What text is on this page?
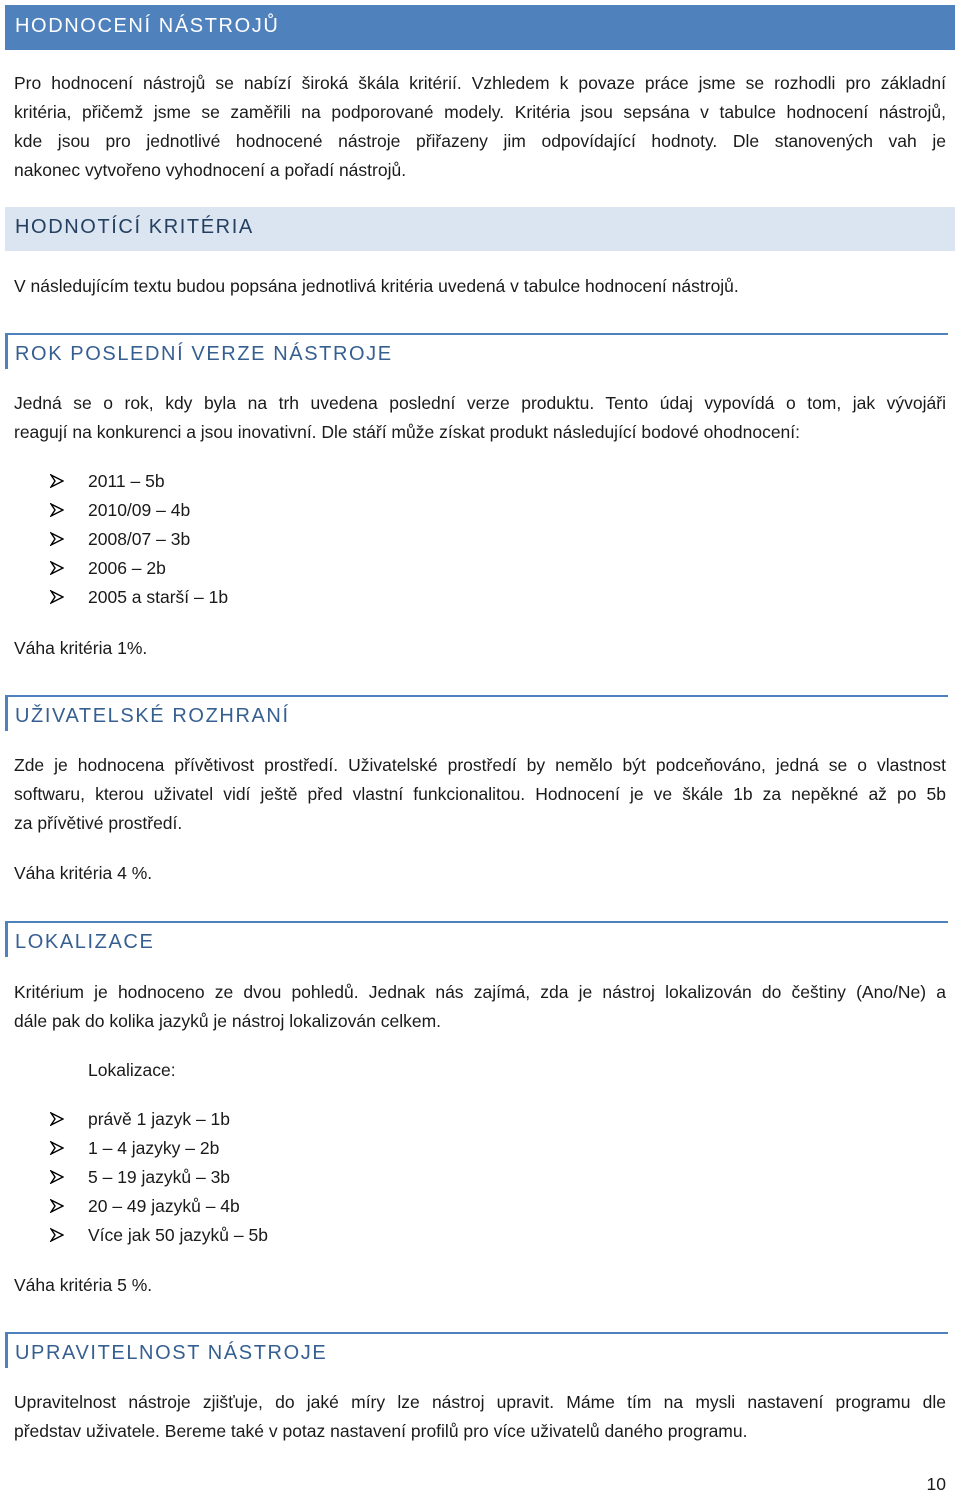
HODNOCENÍ NÁSTROJŮ
Pro hodnocení nástrojů se nabízí široká škála kritérií. Vzhledem k povaze práce jsme se rozhodli pro základní
kritéria, přičemž jsme se zaměřili na podporované modely. Kritéria jsou sepsána v tabulce hodnocení nástrojů,
kde jsou pro jednotlivé hodnocené nástroje přiřazeny jim odpovídající hodnoty. Dle stanovených vah je
nakonec vytvořeno vyhodnocení a pořadí nástrojů.
HODNOTÍCÍ KRITÉRIA
V následujícím textu budou popsána jednotlivá kritéria uvedená v tabulce hodnocení nástrojů.
ROK POSLEDNÍ VERZE NÁSTROJE
Jedná se o rok, kdy byla na trh uvedena poslední verze produktu. Tento údaj vypovídá o tom, jak vývojáři
reagují na konkurenci a jsou inovativní. Dle stáří může získat produkt následující bodové ohodnocení:
2011 – 5b
2010/09 – 4b
2008/07 – 3b
2006 – 2b
2005 a starší – 1b
Váha kritéria 1%.
UŽIVATELSKÉ ROZHRANÍ
Zde je hodnocena přívětivost prostředí. Uživatelské prostředí by nemělo být podceňováno, jedná se o vlastnost
softwaru, kterou uživatel vidí ještě před vlastní funkcionalitou. Hodnocení je ve škále 1b za nepěkné až po 5b
za přívětivé prostředí.
Váha kritéria 4 %.
LOKALIZACE
Kritérium je hodnoceno ze dvou pohledů. Jednak nás zajímá, zda je nástroj lokalizován do češtiny (Ano/Ne) a
dále pak do kolika jazyků je nástroj lokalizován celkem.
Lokalizace:
právě 1 jazyk – 1b
1 – 4 jazyky – 2b
5 – 19 jazyků – 3b
20 – 49 jazyků – 4b
Více jak 50 jazyků – 5b
Váha kritéria 5 %.
UPRAVITELNOST NÁSTROJE
Upravitelnost nástroje zjišťuje, do jaké míry lze nástroj upravit. Máme tím na mysli nastavení programu dle
představ uživatele. Bereme také v potaz nastavení profilů pro více uživatelů daného programu.
10
